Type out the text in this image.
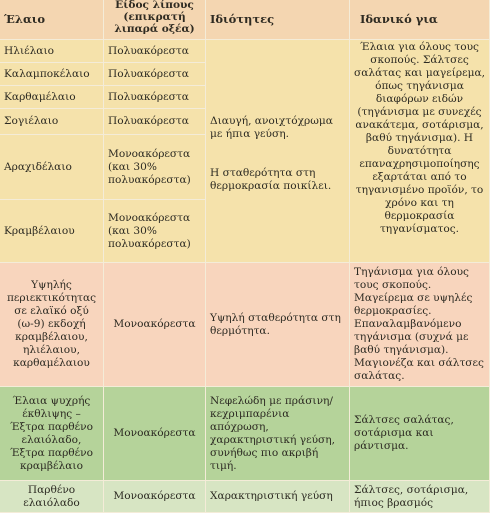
Έλαιο
Είδος λίπους (επικρατή λιπαρά οξέα)
Ιδιότητες	Ιδανικό για
Ηλιέλαιο
Καλαμποκέλαιο
Καρθαμέλαιο
Σογιέλαιο
Αραχιδέλαιο
Κραμβέλαιου
Πολυακόρεστα
Πολυακόρεστα
Πολυακόρεστα
Πολυακόρεστα
Μονοακόρεστα (και 30% πολυακόρεστα)
Μονοακόρεστα (και 30% πολυακόρεστα)
Διαυγή, ανοιχτόχρωμα με ήπια γεύση.
Η σταθερότητα στη θερμοκρασία ποικίλει.
Έλαια για όλους τους σκοπούς. Σάλτσες σαλάτας και μαγείρεμα, όπως τηγάνισμα διαφόρων ειδών (τηγάνισμα με συνεχές ανακάτεμα, σοτάρισμα, βαθύ τηγάνισμα). Η δυνατότητα επαναχρησιμοποίησης εξαρτάται από το τηγανισμένο προϊόν, το χρόνο και τη θερμοκρασία τηγανίσματος.
Υψηλής περιεκτικότητας σε ελαϊκό οξύ (ω-9) εκδοχή κραμβέλαιου, ηλιέλαιου, καρθαμέλαιου
Μονοακόρεστα
Υψηλή σταθερότητα στη θερμότητα.
Τηγάνισμα για όλους τους σκοπούς. Μαγείρεμα σε υψηλές θερμοκρασίες. Επαναλαμβανόμενο τηγάνισμα (συχνά με βαθύ τηγάνισμα). Μαγιονέζα και σάλτσες σαλάτας.
Έλαια ψυχρής έκθλιψης – Έξτρα παρθένο ελαιόλαδο, Έξτρα παρθένο κραμβέλαιο
Μονοακόρεστα
Νεφελώδη με πράσινη/κεχριμπαρένια απόχρωση, χαρακτηριστική γεύση, συνήθως πιο ακριβή τιμή.
Σάλτσες σαλάτας, σοτάρισμα και ράντισμα.
Παρθένο ελαιόλαδο
Μονοακόρεστα Χαρακτηριστική γεύση
Σάλτσες, σοτάρισμα, ήπιος βρασμός
